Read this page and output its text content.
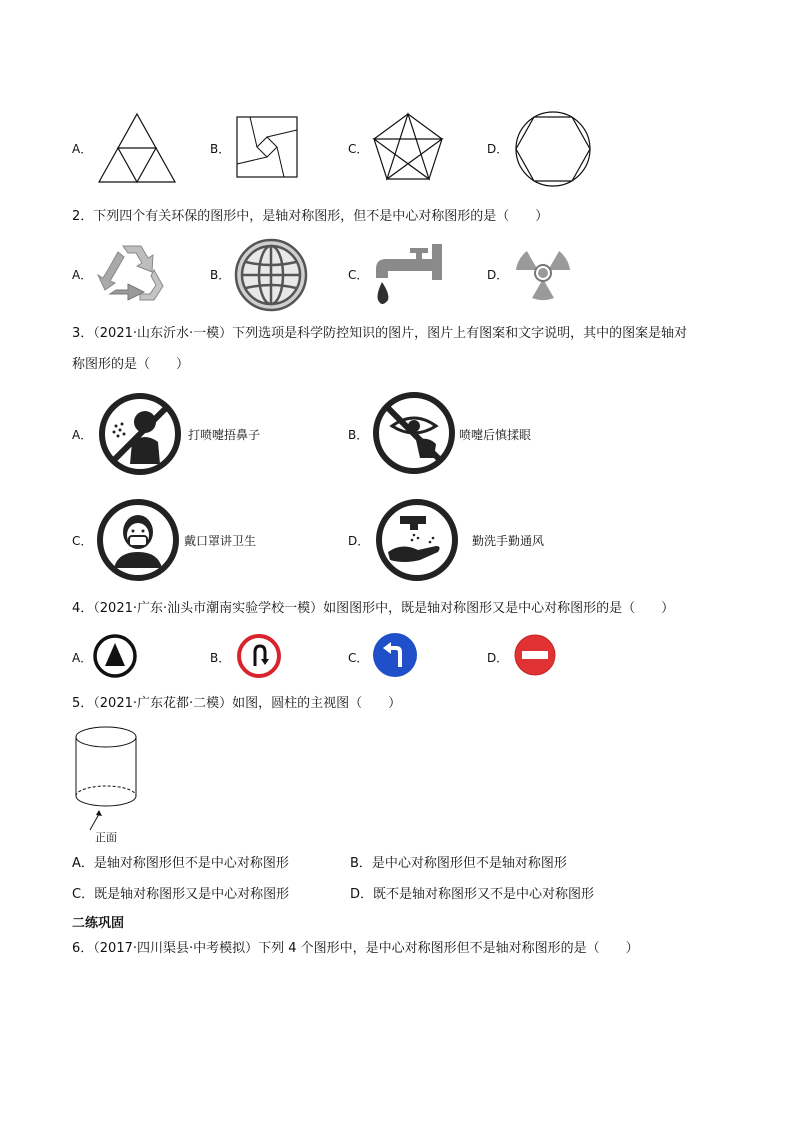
A．	B．	C．	D．
2．下列四个有关环保的图形中，是轴对称图形，但不是中心对称图形的是（　　）
A．	B．	C．	D．
3．（2021·山东沂水·一模）下列选项是科学防控知识的图片，图片上有图案和文字说明，其中的图案是轴对
称图形的是（　　）
A．	打喷嚏捂鼻子	B．	喷嚏后慎揉眼
C．	戴口罩讲卫生	D．	勤洗手勤通风
4．（2021·广东·汕头市潮南实验学校一模）如图图形中，既是轴对称图形又是中心对称图形的是（　　）
A．	B．	C．	D．
5．（2021·广东花都·二模）如图，圆柱的主视图（　　）
正面
A．是轴对称图形但不是中心对称图形	B．是中心对称图形但不是轴对称图形
C．既是轴对称图形又是中心对称图形	D．既不是轴对称图形又不是中心对称图形
二练巩固
6．（2017·四川渠县·中考模拟）下列 4 个图形中，是中心对称图形但不是轴对称图形的是（　　）
